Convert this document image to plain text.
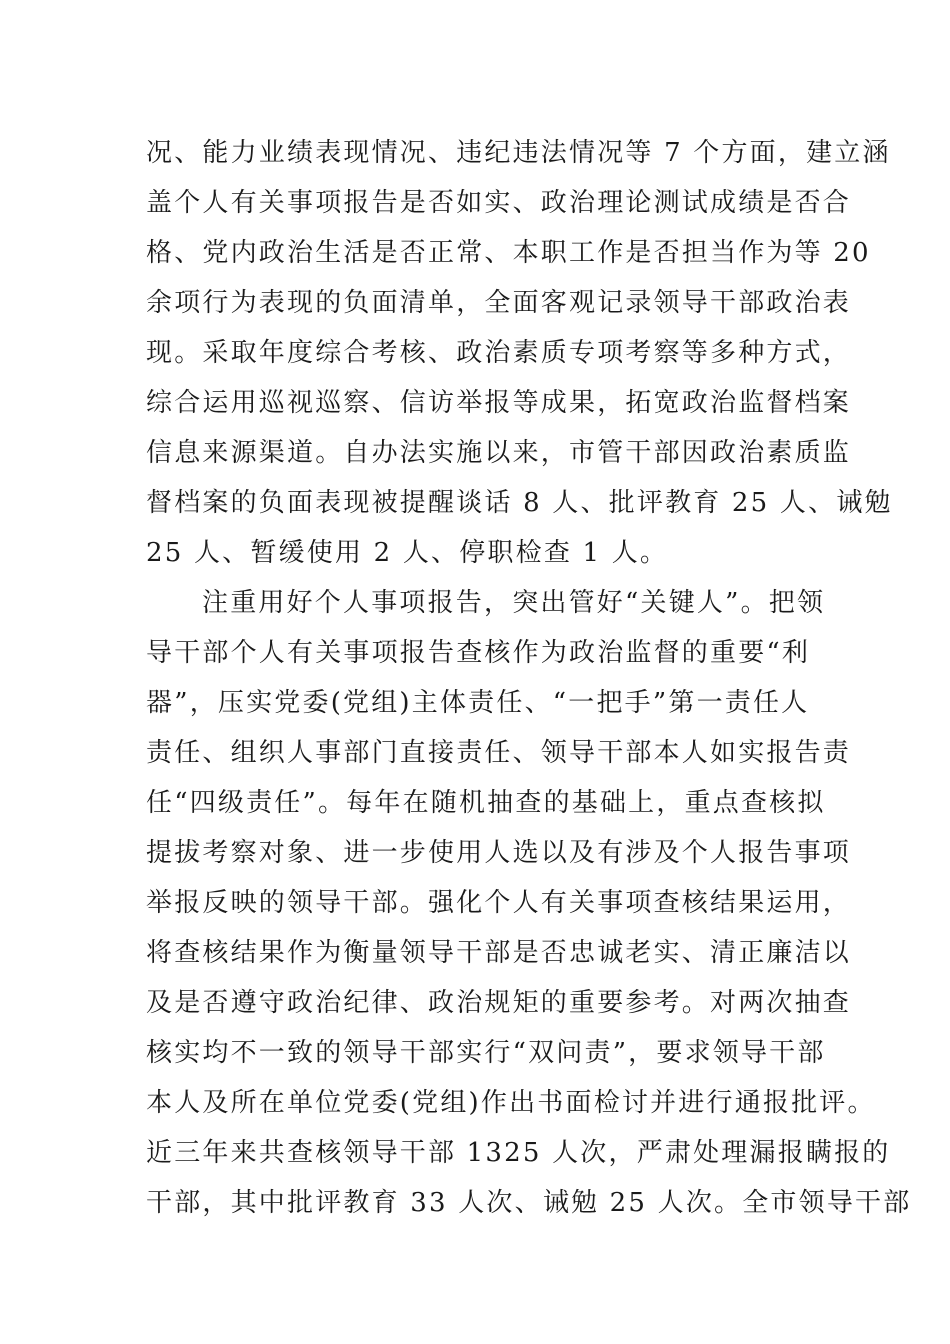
况、能力业绩表现情况、违纪违法情况等 7 个方面，建立涵
盖个人有关事项报告是否如实、政治理论测试成绩是否合
格、党内政治生活是否正常、本职工作是否担当作为等 20
余项行为表现的负面清单，全面客观记录领导干部政治表
现。采取年度综合考核、政治素质专项考察等多种方式，
综合运用巡视巡察、信访举报等成果，拓宽政治监督档案
信息来源渠道。自办法实施以来，市管干部因政治素质监
督档案的负面表现被提醒谈话 8 人、批评教育 25 人、诫勉
25 人、暂缓使用 2 人、停职检查 1 人。
注重用好个人事项报告，突出管好“关键人”。把领
导干部个人有关事项报告查核作为政治监督的重要“利
器”，压实党委(党组)主体责任、“一把手”第一责任人
责任、组织人事部门直接责任、领导干部本人如实报告责
任“四级责任”。每年在随机抽查的基础上，重点查核拟
提拔考察对象、进一步使用人选以及有涉及个人报告事项
举报反映的领导干部。强化个人有关事项查核结果运用，
将查核结果作为衡量领导干部是否忠诚老实、清正廉洁以
及是否遵守政治纪律、政治规矩的重要参考。对两次抽查
核实均不一致的领导干部实行“双问责”，要求领导干部
本人及所在单位党委(党组)作出书面检讨并进行通报批评。
近三年来共查核领导干部 1325 人次，严肃处理漏报瞒报的
干部，其中批评教育 33 人次、诫勉 25 人次。全市领导干部
